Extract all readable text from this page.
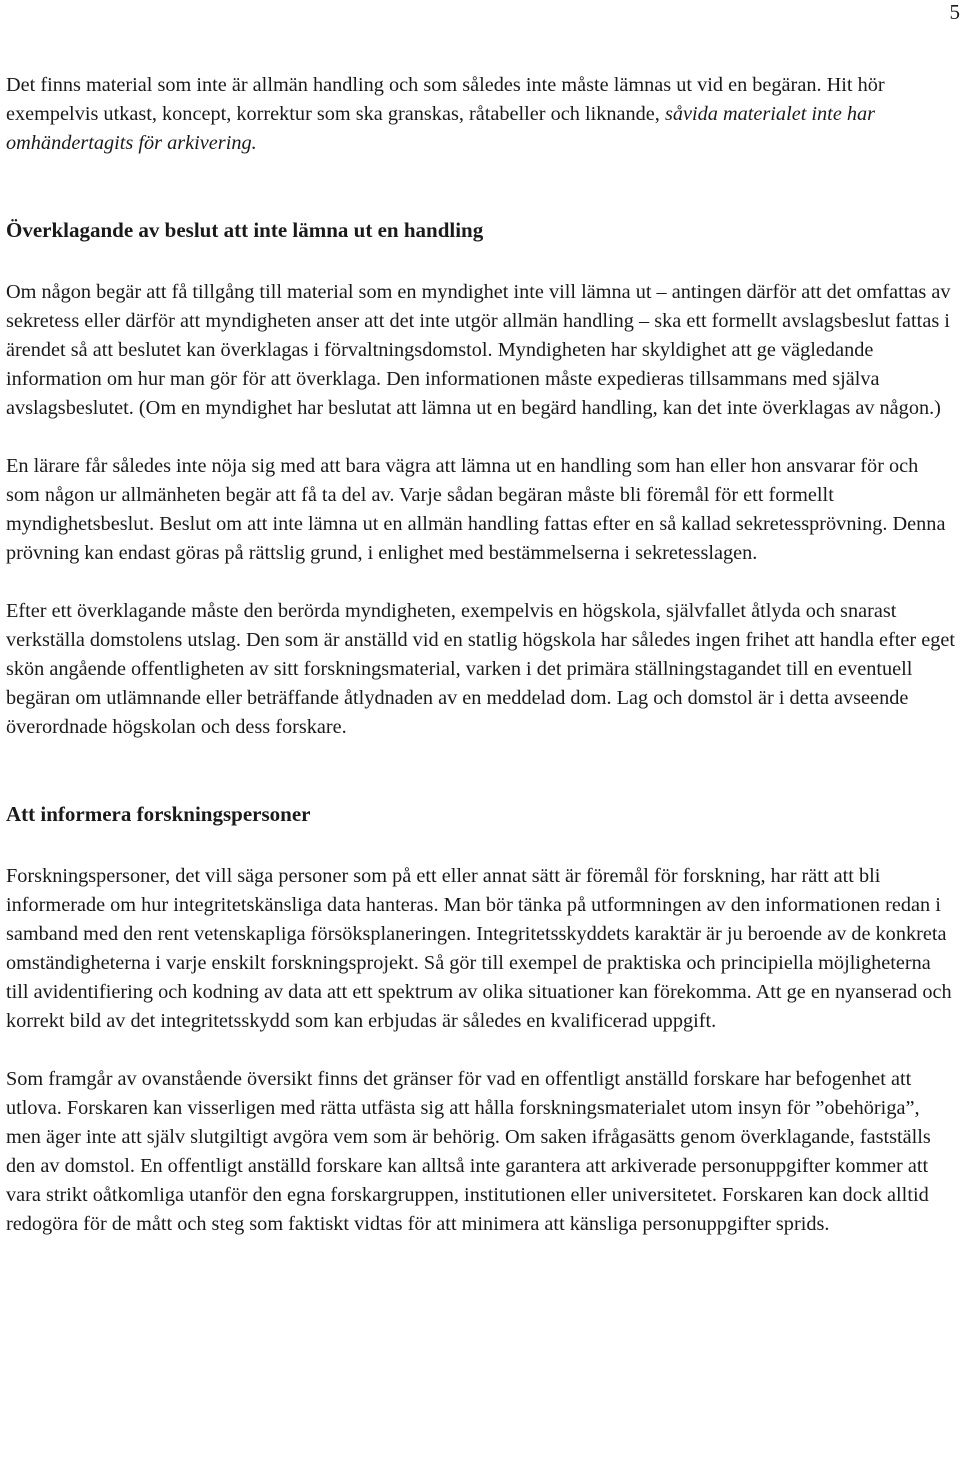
5

Det finns material som inte är allmän handling och som således inte måste lämnas ut vid en begäran. Hit hör exempelvis utkast, koncept, korrektur som ska granskas, råtabeller och liknande, såvida materialet inte har omhändertagits för arkivering.

Överklagande av beslut att inte lämna ut en handling

Om någon begär att få tillgång till material som en myndighet inte vill lämna ut – antingen därför att det omfattas av sekretess eller därför att myndigheten anser att det inte utgör allmän handling – ska ett formellt avslagsbeslut fattas i ärendet så att beslutet kan överklagas i förvaltningsdomstol. Myndigheten har skyldighet att ge vägledande information om hur man gör för att överklaga. Den informationen måste expedieras tillsammans med själva avslagsbeslutet. (Om en myndighet har beslutat att lämna ut en begärd handling, kan det inte överklagas av någon.)

En lärare får således inte nöja sig med att bara vägra att lämna ut en handling som han eller hon ansvarar för och som någon ur allmänheten begär att få ta del av. Varje sådan begäran måste bli föremål för ett formellt myndighetsbeslut. Beslut om att inte lämna ut en allmän handling fattas efter en så kallad sekretessprövning. Denna prövning kan endast göras på rättslig grund, i enlighet med bestämmelserna i sekretesslagen.

Efter ett överklagande måste den berörda myndigheten, exempelvis en högskola, självfallet åtlyda och snarast verkställa domstolens utslag. Den som är anställd vid en statlig högskola har således ingen frihet att handla efter eget skön angående offentligheten av sitt forskningsmaterial, varken i det primära ställningstagandet till en eventuell begäran om utlämnande eller beträffande åtlydnaden av en meddelad dom. Lag och domstol är i detta avseende överordnade högskolan och dess forskare.

Att informera forskningspersoner

Forskningspersoner, det vill säga personer som på ett eller annat sätt är föremål för forskning, har rätt att bli informerade om hur integritetskänsliga data hanteras. Man bör tänka på utformningen av den informationen redan i samband med den rent vetenskapliga försöksplaneringen. Integritetsskyddets karaktär är ju beroende av de konkreta omständigheterna i varje enskilt forskningsprojekt. Så gör till exempel de praktiska och principiella möjligheterna till avidentifiering och kodning av data att ett spektrum av olika situationer kan förekomma. Att ge en nyanserad och korrekt bild av det integritetsskydd som kan erbjudas är således en kvalificerad uppgift.

Som framgår av ovanstående översikt finns det gränser för vad en offentligt anställd forskare har befogenhet att utlova. Forskaren kan visserligen med rätta utfästa sig att hålla forskningsmaterialet utom insyn för ”obehöriga”, men äger inte att själv slutgiltigt avgöra vem som är behörig. Om saken ifrågasätts genom överklagande, fastställs den av domstol. En offentligt anställd forskare kan alltså inte garantera att arkiverade personuppgifter kommer att vara strikt oåtkomliga utanför den egna forskargruppen, institutionen eller universitetet. Forskaren kan dock alltid redogöra för de mått och steg som faktiskt vidtas för att minimera att känsliga personuppgifter sprids.
